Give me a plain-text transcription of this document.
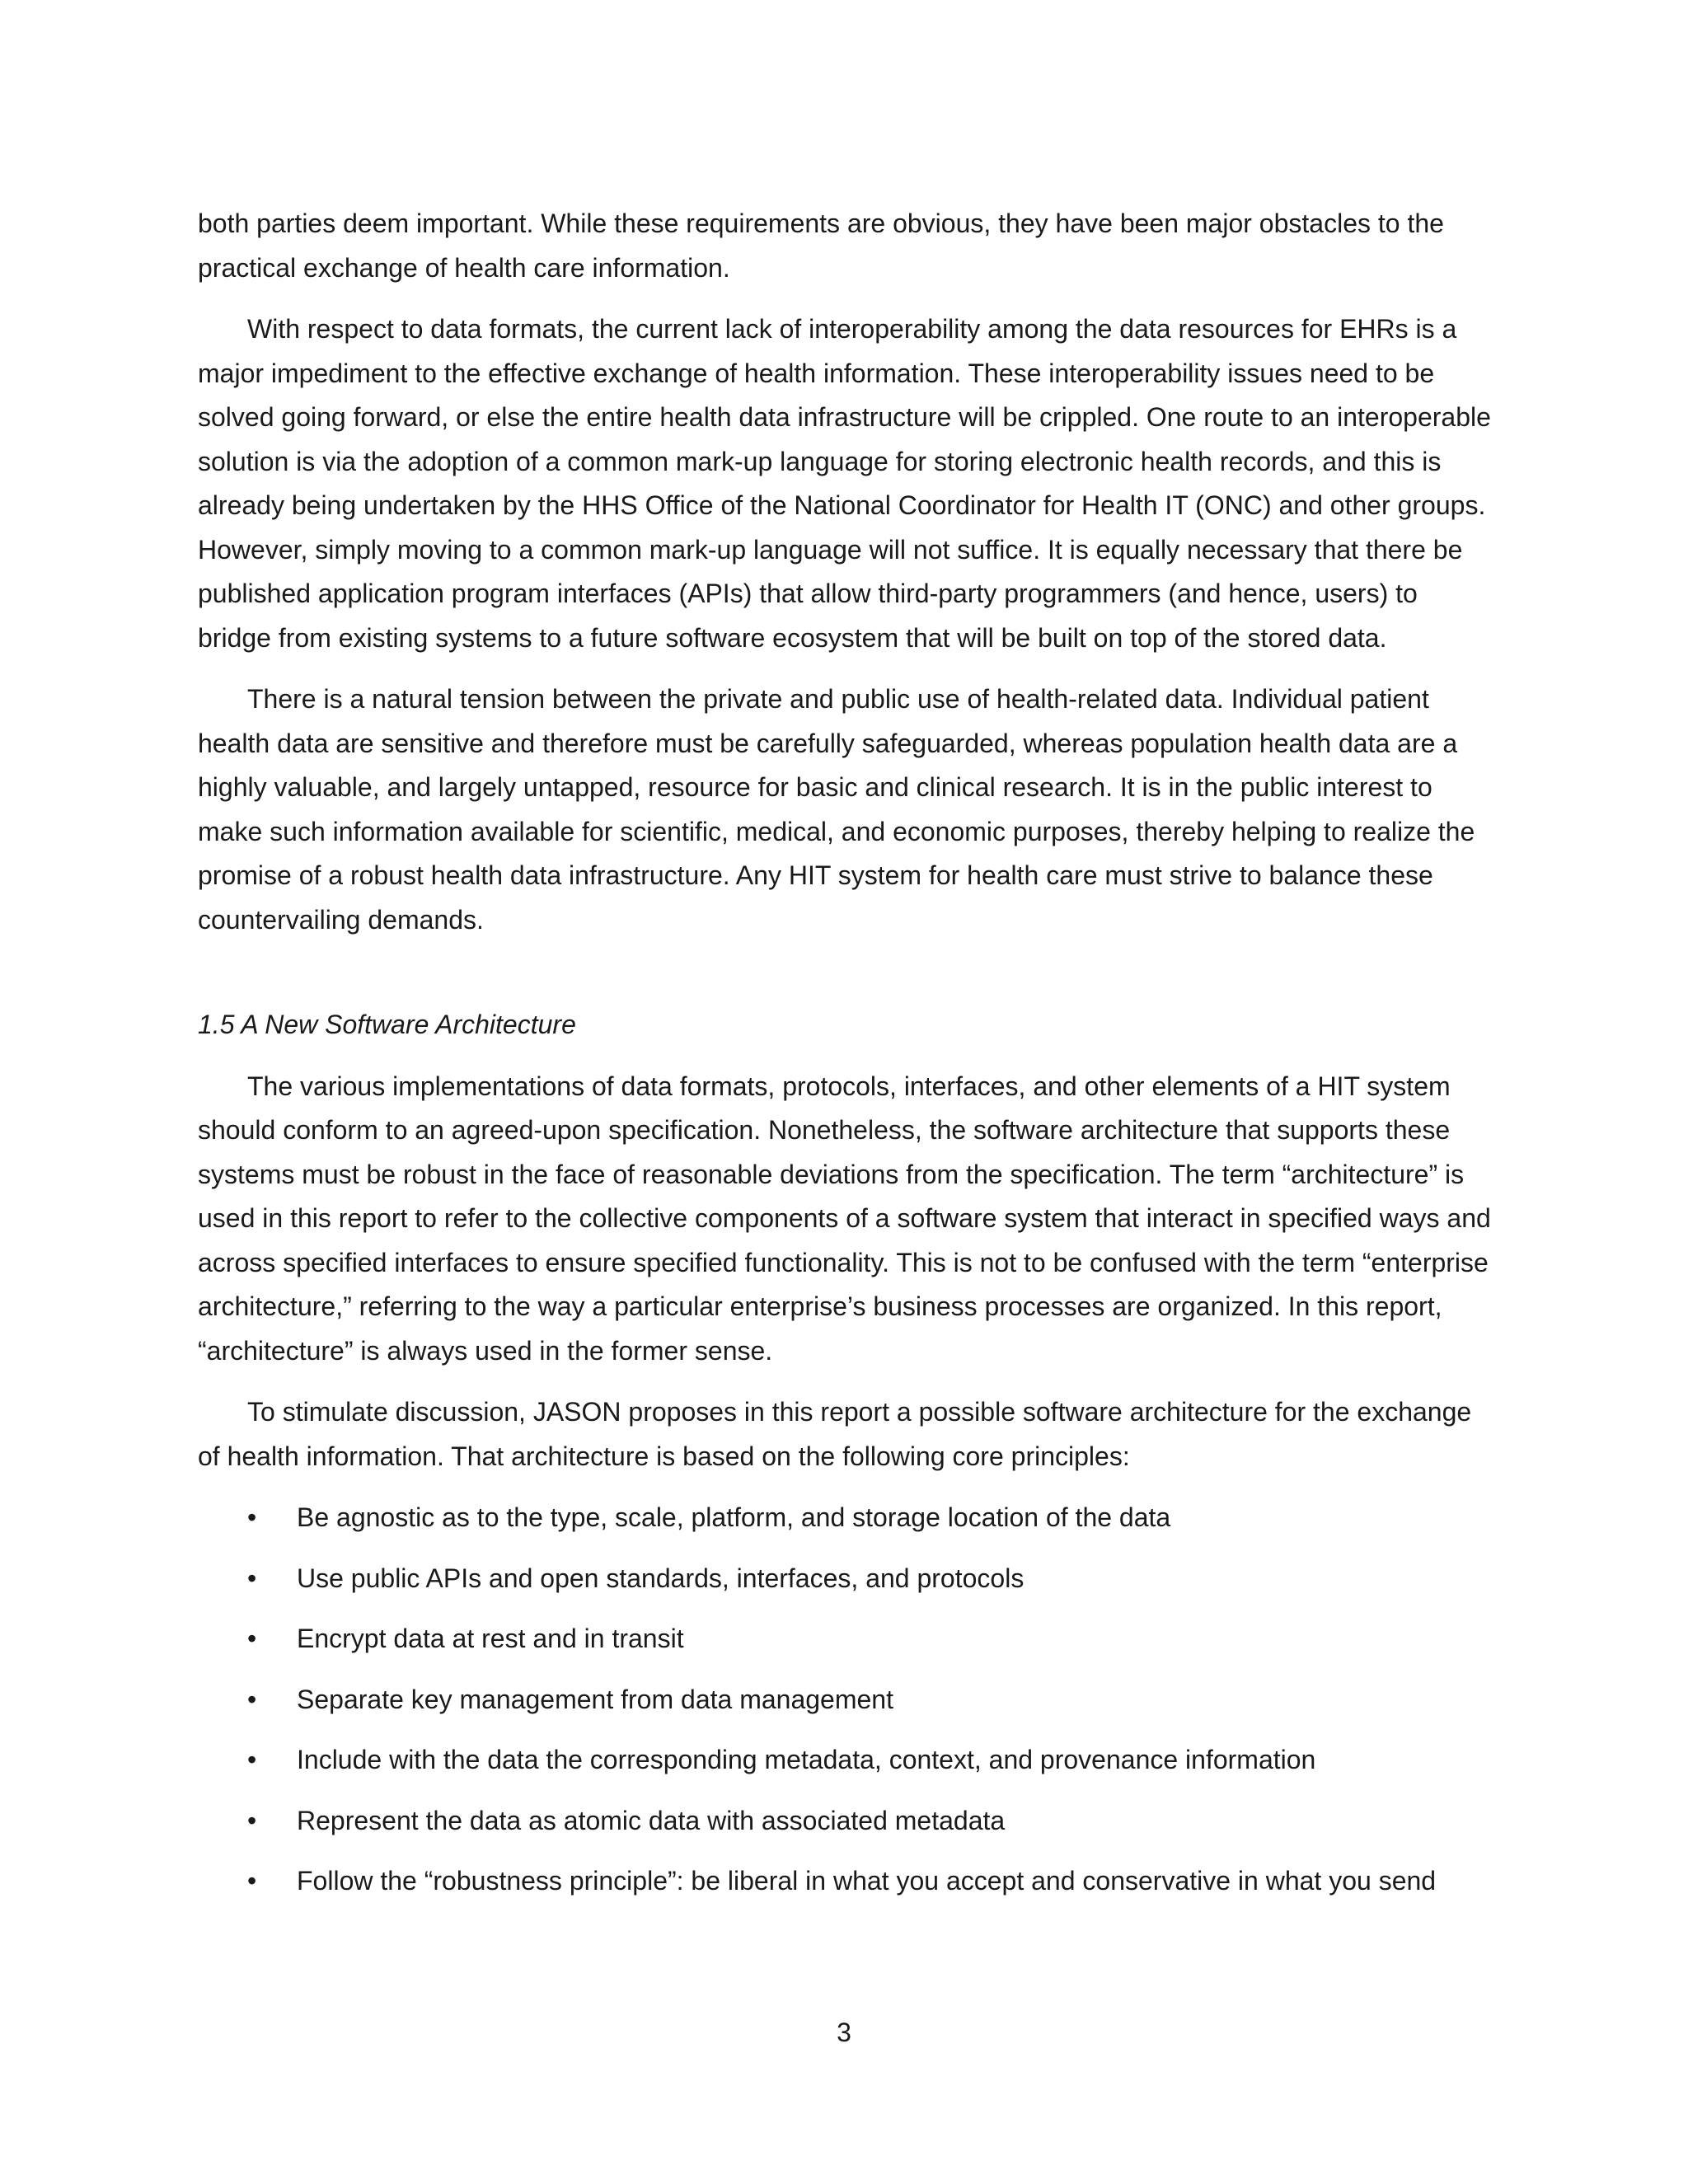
both parties deem important. While these requirements are obvious, they have been major obstacles to the practical exchange of health care information.

With respect to data formats, the current lack of interoperability among the data resources for EHRs is a major impediment to the effective exchange of health information. These interoperability issues need to be solved going forward, or else the entire health data infrastructure will be crippled. One route to an interoperable solution is via the adoption of a common mark-up language for storing electronic health records, and this is already being undertaken by the HHS Office of the National Coordinator for Health IT (ONC) and other groups. However, simply moving to a common mark-up language will not suffice. It is equally necessary that there be published application program interfaces (APIs) that allow third-party programmers (and hence, users) to bridge from existing systems to a future software ecosystem that will be built on top of the stored data.

There is a natural tension between the private and public use of health-related data. Individual patient health data are sensitive and therefore must be carefully safeguarded, whereas population health data are a highly valuable, and largely untapped, resource for basic and clinical research. It is in the public interest to make such information available for scientific, medical, and economic purposes, thereby helping to realize the promise of a robust health data infrastructure. Any HIT system for health care must strive to balance these countervailing demands.

1.5 A New Software Architecture

The various implementations of data formats, protocols, interfaces, and other elements of a HIT system should conform to an agreed-upon specification. Nonetheless, the software architecture that supports these systems must be robust in the face of reasonable deviations from the specification. The term “architecture” is used in this report to refer to the collective components of a software system that interact in specified ways and across specified interfaces to ensure specified functionality. This is not to be confused with the term “enterprise architecture,” referring to the way a particular enterprise’s business processes are organized. In this report, “architecture” is always used in the former sense.

To stimulate discussion, JASON proposes in this report a possible software architecture for the exchange of health information. That architecture is based on the following core principles:

• Be agnostic as to the type, scale, platform, and storage location of the data
• Use public APIs and open standards, interfaces, and protocols
• Encrypt data at rest and in transit
• Separate key management from data management
• Include with the data the corresponding metadata, context, and provenance information
• Represent the data as atomic data with associated metadata
• Follow the “robustness principle”: be liberal in what you accept and conservative in what you send
3
